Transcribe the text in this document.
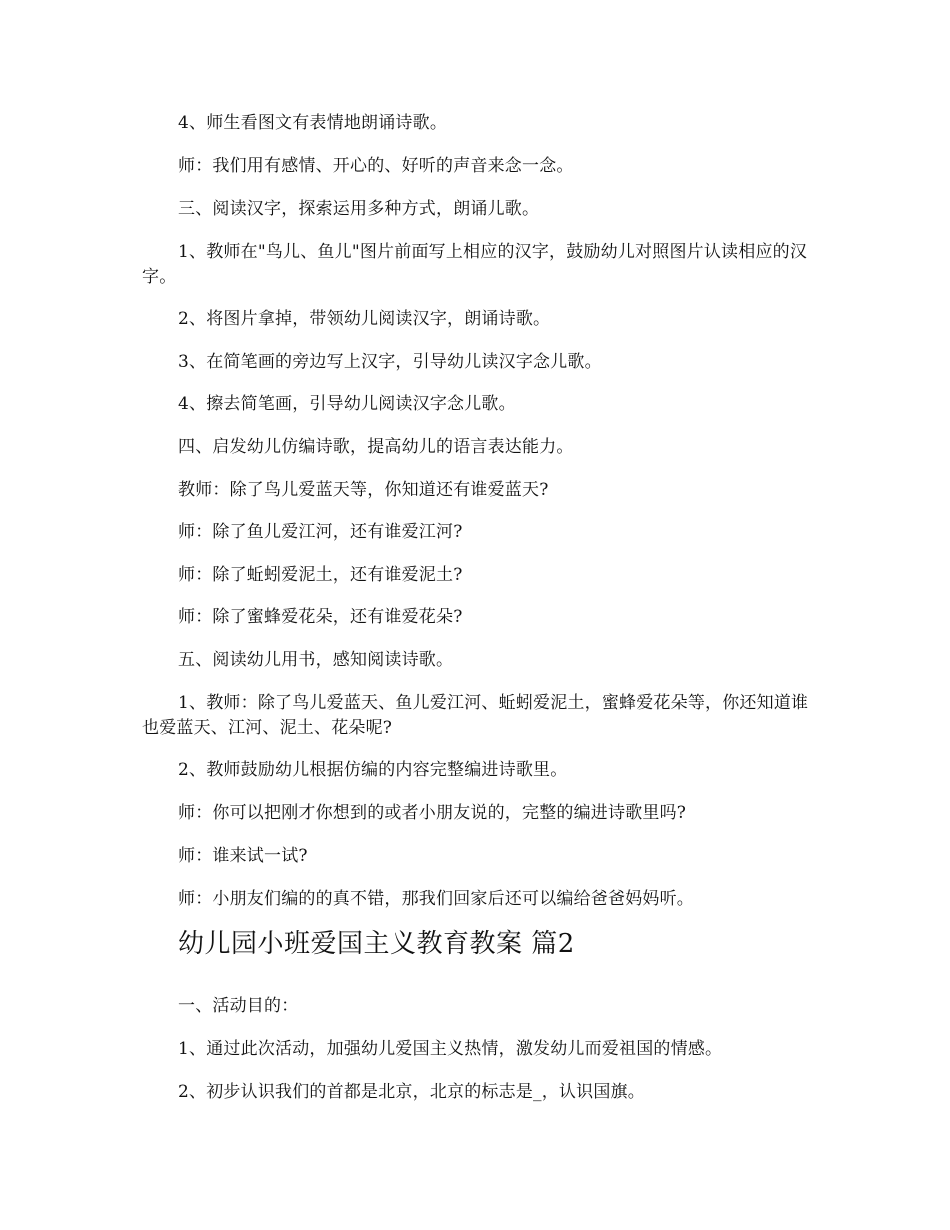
4、师生看图文有表情地朗诵诗歌。
师：我们用有感情、开心的、好听的声音来念一念。
三、阅读汉字，探索运用多种方式，朗诵儿歌。
1、教师在"鸟儿、鱼儿"图片前面写上相应的汉字，鼓励幼儿对照图片认读相应的汉字。
2、将图片拿掉，带领幼儿阅读汉字，朗诵诗歌。
3、在简笔画的旁边写上汉字，引导幼儿读汉字念儿歌。
4、擦去简笔画，引导幼儿阅读汉字念儿歌。
四、启发幼儿仿编诗歌，提高幼儿的语言表达能力。
教师：除了鸟儿爱蓝天等，你知道还有谁爱蓝天?
师：除了鱼儿爱江河，还有谁爱江河?
师：除了蚯蚓爱泥土，还有谁爱泥土?
师：除了蜜蜂爱花朵，还有谁爱花朵?
五、阅读幼儿用书，感知阅读诗歌。
1、教师：除了鸟儿爱蓝天、鱼儿爱江河、蚯蚓爱泥土，蜜蜂爱花朵等，你还知道谁也爱蓝天、江河、泥土、花朵呢?
2、教师鼓励幼儿根据仿编的内容完整编进诗歌里。
师：你可以把刚才你想到的或者小朋友说的，完整的编进诗歌里吗?
师：谁来试一试?
师：小朋友们编的的真不错，那我们回家后还可以编给爸爸妈妈听。
幼儿园小班爱国主义教育教案 篇2
一、活动目的：
1、通过此次活动，加强幼儿爱国主义热情，激发幼儿而爱祖国的情感。
2、初步认识我们的首都是北京，北京的标志是_，认识国旗。
